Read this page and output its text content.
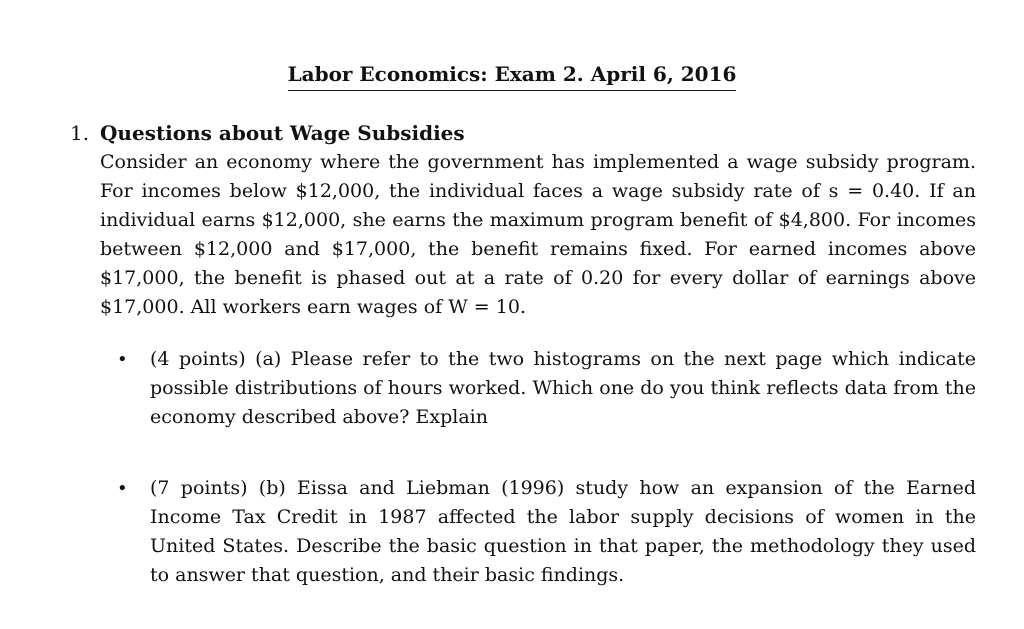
Labor Economics: Exam 2. April 6, 2016
1. Questions about Wage Subsidies
Consider an economy where the government has implemented a wage subsidy program. For incomes below $12,000, the individual faces a wage subsidy rate of s = 0.40. If an individual earns $12,000, she earns the maximum program benefit of $4,800. For incomes between $12,000 and $17,000, the benefit remains fixed. For earned incomes above $17,000, the benefit is phased out at a rate of 0.20 for every dollar of earnings above $17,000. All workers earn wages of W = 10.
• (4 points) (a) Please refer to the two histograms on the next page which indicate possible distributions of hours worked. Which one do you think reflects data from the economy described above? Explain
• (7 points) (b) Eissa and Liebman (1996) study how an expansion of the Earned Income Tax Credit in 1987 affected the labor supply decisions of women in the United States. Describe the basic question in that paper, the methodology they used to answer that question, and their basic findings.
